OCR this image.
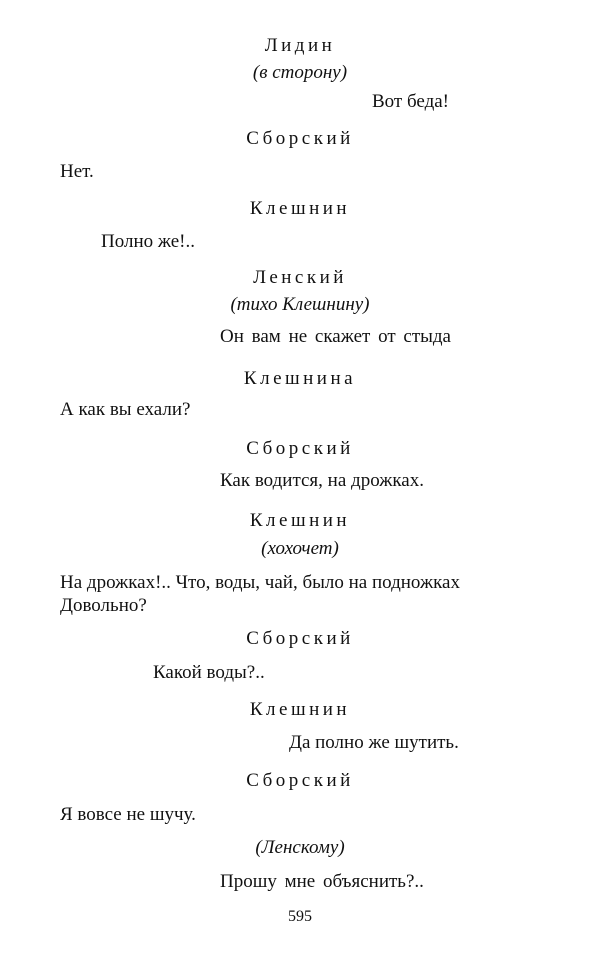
Лидин
(в сторону)
Вот беда!
Сборский
Нет.
Клешнин
Полно же!..
Ленский
(тихо Клешнину)
Он вам не скажет от стыда
Клешнина
А как вы ехали?
Сборский
Как водится, на дрожках.
Клешнин
(хохочет)
На дрожках!.. Что, воды, чай, было на подножках
Довольно?
Сборский
Какой воды?..
Клешнин
Да полно же шутить.
Сборский
Я вовсе не шучу.
(Ленскому)
Прошу мне объяснить?..
595
